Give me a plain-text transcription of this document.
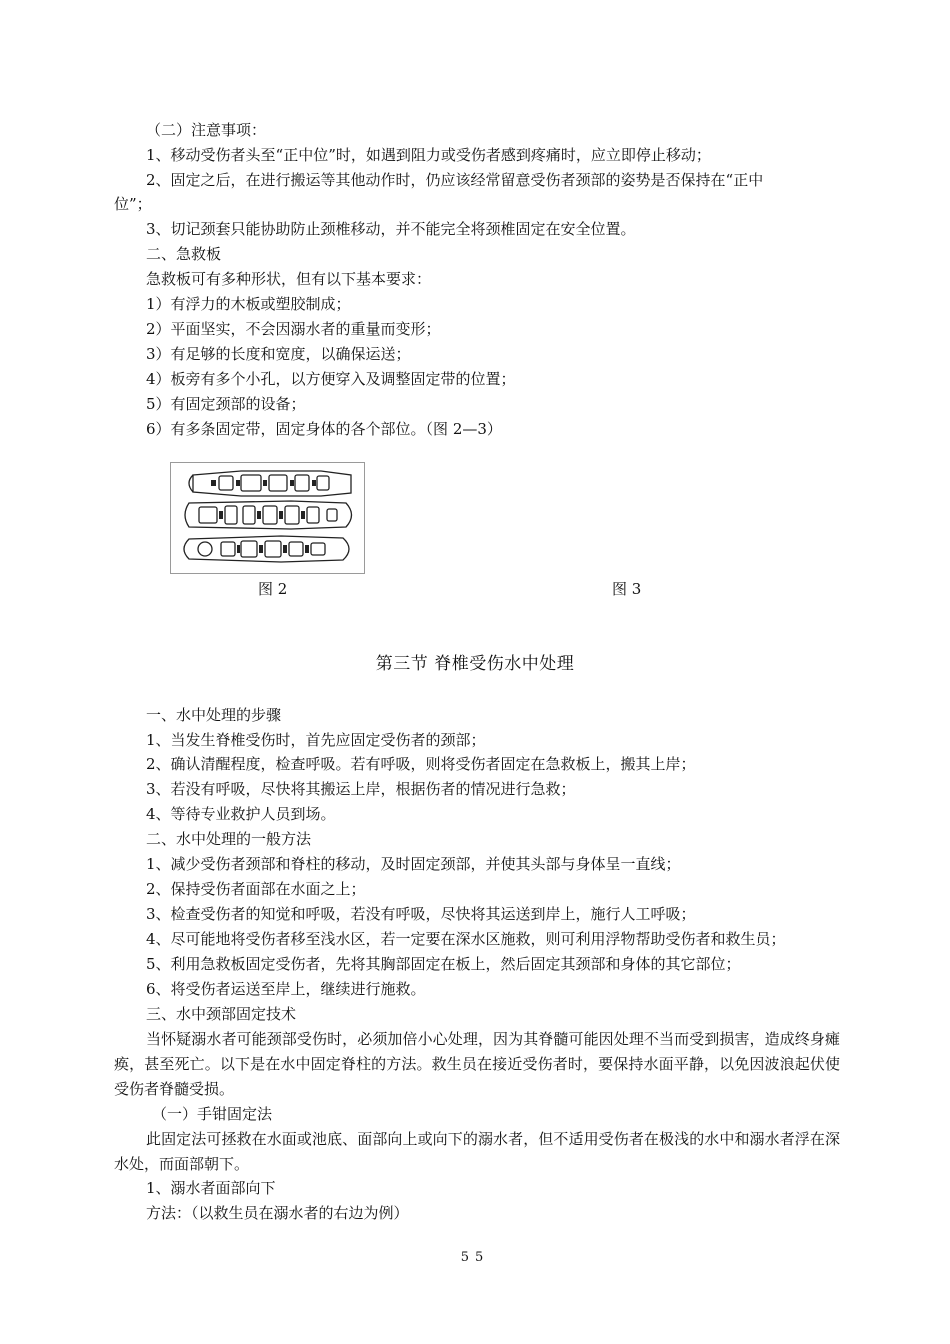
（二）注意事项：
1、移动受伤者头至“正中位”时，如遇到阻力或受伤者感到疼痛时，应立即停止移动；
2、固定之后，在进行搬运等其他动作时，仍应该经常留意受伤者颈部的姿势是否保持在“正中
位”；
3、切记颈套只能协助防止颈椎移动，并不能完全将颈椎固定在安全位置。
二、急救板
急救板可有多种形状，但有以下基本要求：
1）有浮力的木板或塑胶制成；
2）平面坚实，不会因溺水者的重量而变形；
3）有足够的长度和宽度，以确保运送；
4）板旁有多个小孔，以方便穿入及调整固定带的位置；
5）有固定颈部的设备；
6）有多条固定带，固定身体的各个部位。（图 2—3）
图 2	图 3
第三节 脊椎受伤水中处理
一、水中处理的步骤
1、当发生脊椎受伤时，首先应固定受伤者的颈部；
2、确认清醒程度，检查呼吸。若有呼吸，则将受伤者固定在急救板上，搬其上岸；
3、若没有呼吸，尽快将其搬运上岸，根据伤者的情况进行急救；
4、等待专业救护人员到场。
二、水中处理的一般方法
1、减少受伤者颈部和脊柱的移动，及时固定颈部，并使其头部与身体呈一直线；
2、保持受伤者面部在水面之上；
3、检查受伤者的知觉和呼吸，若没有呼吸，尽快将其运送到岸上，施行人工呼吸；
4、尽可能地将受伤者移至浅水区，若一定要在深水区施救，则可利用浮物帮助受伤者和救生员；
5、利用急救板固定受伤者，先将其胸部固定在板上，然后固定其颈部和身体的其它部位；
6、将受伤者运送至岸上，继续进行施救。
三、水中颈部固定技术
当怀疑溺水者可能颈部受伤时，必须加倍小心处理，因为其脊髓可能因处理不当而受到损害，造成终身瘫痪，甚至死亡。以下是在水中固定脊柱的方法。救生员在接近受伤者时，要保持水面平静，以免因波浪起伏使受伤者脊髓受损。
（一）手钳固定法
此固定法可拯救在水面或池底、面部向上或向下的溺水者，但不适用受伤者在极浅的水中和溺水者浮在深水处，而面部朝下。
1、溺水者面部向下
方法：（以救生员在溺水者的右边为例）
55
